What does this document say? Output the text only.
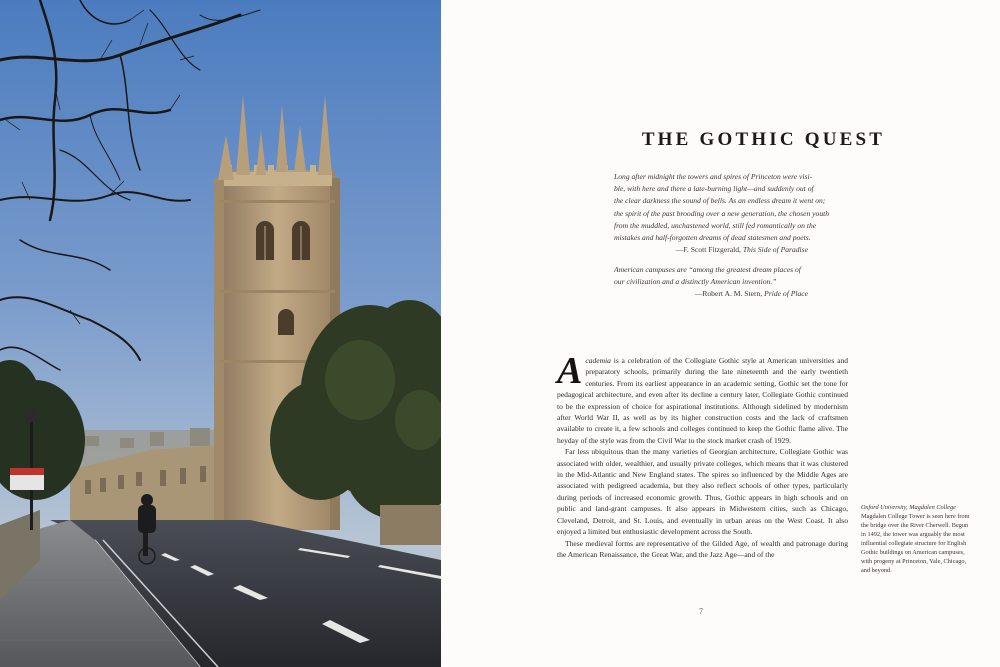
THE GOTHIC QUEST
Long after midnight the towers and spires of Princeton were visi-
ble, with here and there a late-burning light—and suddenly out of
the clear darkness the sound of bells. As an endless dream it went on;
the spirit of the past brooding over a new generation, the chosen youth
from the muddled, unchastened world, still fed romantically on the
mistakes and half-forgotten dreams of dead statesmen and poets.
—F. Scott Fitzgerald, This Side of Paradise
American campuses are “among the greatest dream places of
our civilization and a distinctly American invention.”
—Robert A. M. Stern, Pride of Place

Academia is a celebration of the Collegiate Gothic style at American universities and preparatory schools, primarily during the late nineteenth and the early twentieth centuries. From its earliest appearance in an academic setting, Gothic set the tone for pedagogical architecture, and even after its decline a century later, Collegiate Gothic continued to be the expression of choice for aspirational institutions. Although sidelined by modernism after World War II, as well as by its higher construction costs and the lack of craftsmen available to create it, a few schools and colleges continued to keep the Gothic flame alive. The heyday of the style was from the Civil War to the stock market crash of 1929.

Far less ubiquitous than the many varieties of Georgian architecture, Collegiate Gothic was associated with older, wealthier, and usually private colleges, which means that it was clustered in the Mid-Atlantic and New England states. The spires so influenced by the Middle Ages are associated with pedigreed academia, but they also reflect schools of other types, particularly during periods of increased economic growth. Thus, Gothic appears in high schools and on public and land-grant campuses. It also appears in Midwestern cities, such as Chicago, Cleveland, Detroit, and St. Louis, and eventually in urban areas on the West Coast. It also enjoyed a limited but enthusiastic development across the South.

These medieval forms are representative of the Gilded Age, of wealth and patronage during the American Renaissance, the Great War, and the Jazz Age—and of the

Oxford University, Magdalen College
Magdalen College Tower is seen here from the bridge over the River Cherwell. Begun in 1492, the tower was arguably the most influential collegiate structure for English Gothic buildings on American campuses, with progeny at Princeton, Yale, Chicago, and beyond.
7
